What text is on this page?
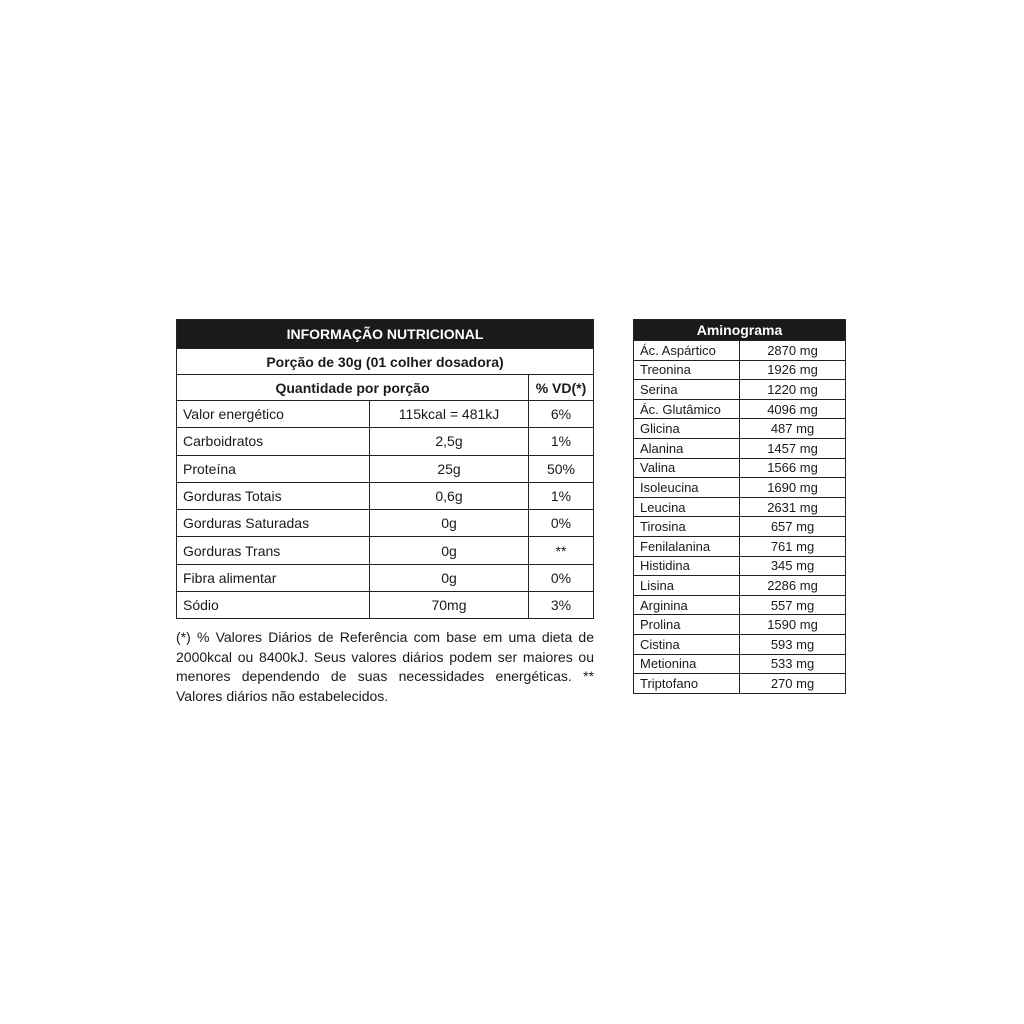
INFORMAÇÃO NUTRICIONAL		
Porção de 30g (01 colher dosadora)		
Quantidade por porção		% VD(*)
Valor energético	115kcal = 481kJ	6%
Carboidratos	2,5g	1%
Proteína	25g	50%
Gorduras Totais	0,6g	1%
Gorduras Saturadas	0g	0%
Gorduras Trans	0g	**
Fibra alimentar	0g	0%
Sódio	70mg	3%

(*) % Valores Diários de Referência com base em uma dieta de 2000kcal ou 8400kJ. Seus valores diários podem ser maiores ou menores dependendo de suas necessidades energéticas. ** Valores diários não estabelecidos.

Aminograma	
Ác. Aspártico	2870 mg
Treonina	1926 mg
Serina	1220 mg
Ác. Glutâmico	4096 mg
Glicina	487 mg
Alanina	1457 mg
Valina	1566 mg
Isoleucina	1690 mg
Leucina	2631 mg
Tirosina	657 mg
Fenilalanina	761 mg
Histidina	345 mg
Lisina	2286 mg
Arginina	557 mg
Prolina	1590 mg
Cistina	593 mg
Metionina	533 mg
Triptofano	270 mg
